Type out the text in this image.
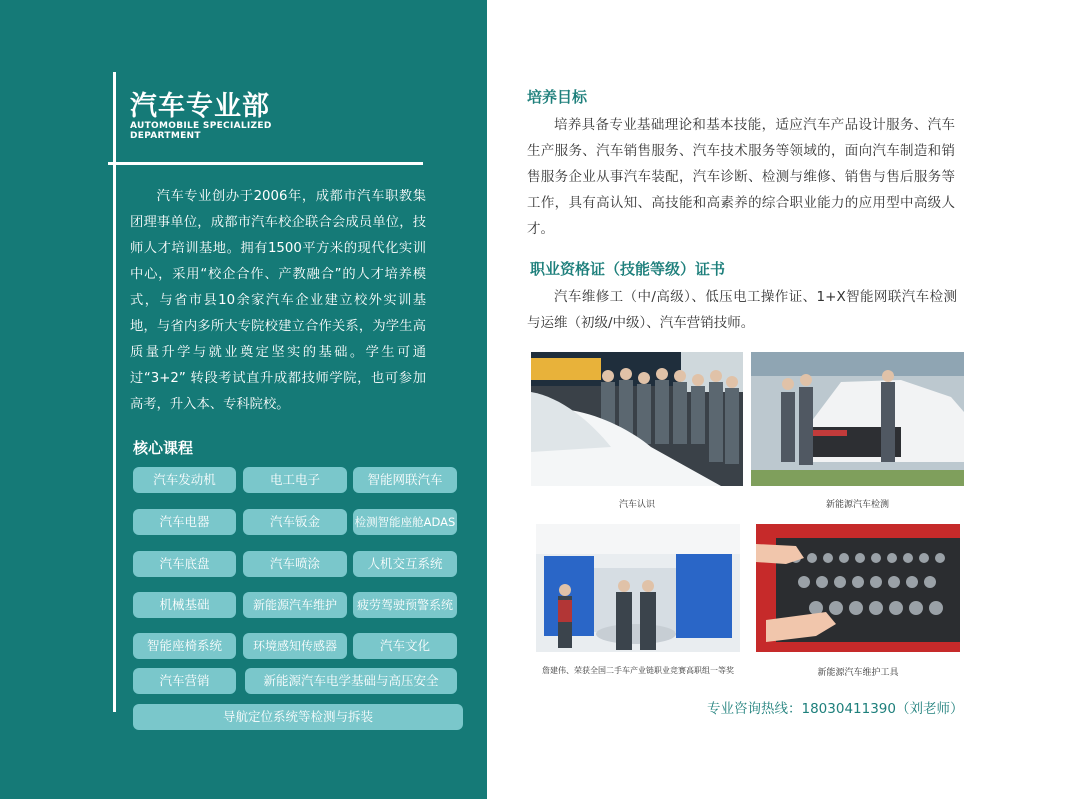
汽车专业部
AUTOMOBILE SPECIALIZED
DEPARTMENT

汽车专业创办于2006年，成都市汽车职教集团理事单位，成都市汽车校企联合会成员单位，技师人才培训基地。拥有1500平方米的现代化实训中心，采用“校企合作、产教融合”的人才培养模式，与省市县10余家汽车企业建立校外实训基地，与省内多所大专院校建立合作关系，为学生高质量升学与就业奠定坚实的基础。学生可通过“3+2” 转段考试直升成都技师学院，也可参加高考，升入本、专科院校。

核心课程
汽车发动机	电工电子	智能网联汽车
汽车电器	汽车钣金	检测智能座舱ADAS
汽车底盘	汽车喷涂	人机交互系统
机械基础	新能源汽车维护	疲劳驾驶预警系统
智能座椅系统	环境感知传感器	汽车文化
汽车营销	新能源汽车电学基础与高压安全
导航定位系统等检测与拆装
培养目标

培养具备专业基础理论和基本技能，适应汽车产品设计服务、汽车生产服务、汽车销售服务、汽车技术服务等领域的，面向汽车制造和销售服务企业从事汽车装配，汽车诊断、检测与维修、销售与售后服务等工作，具有高认知、高技能和高素养的综合职业能力的应用型中高级人才。

职业资格证（技能等级）证书

汽车维修工（中/高级）、低压电工操作证、1+X智能网联汽车检测与运维（初级/中级）、汽车营销技师。

汽车认识	新能源汽车检测
詹建伟、荣获全国二手车产业链职业竞赛高职组一等奖	新能源汽车维护工具
专业咨询热线：18030411390（刘老师）
